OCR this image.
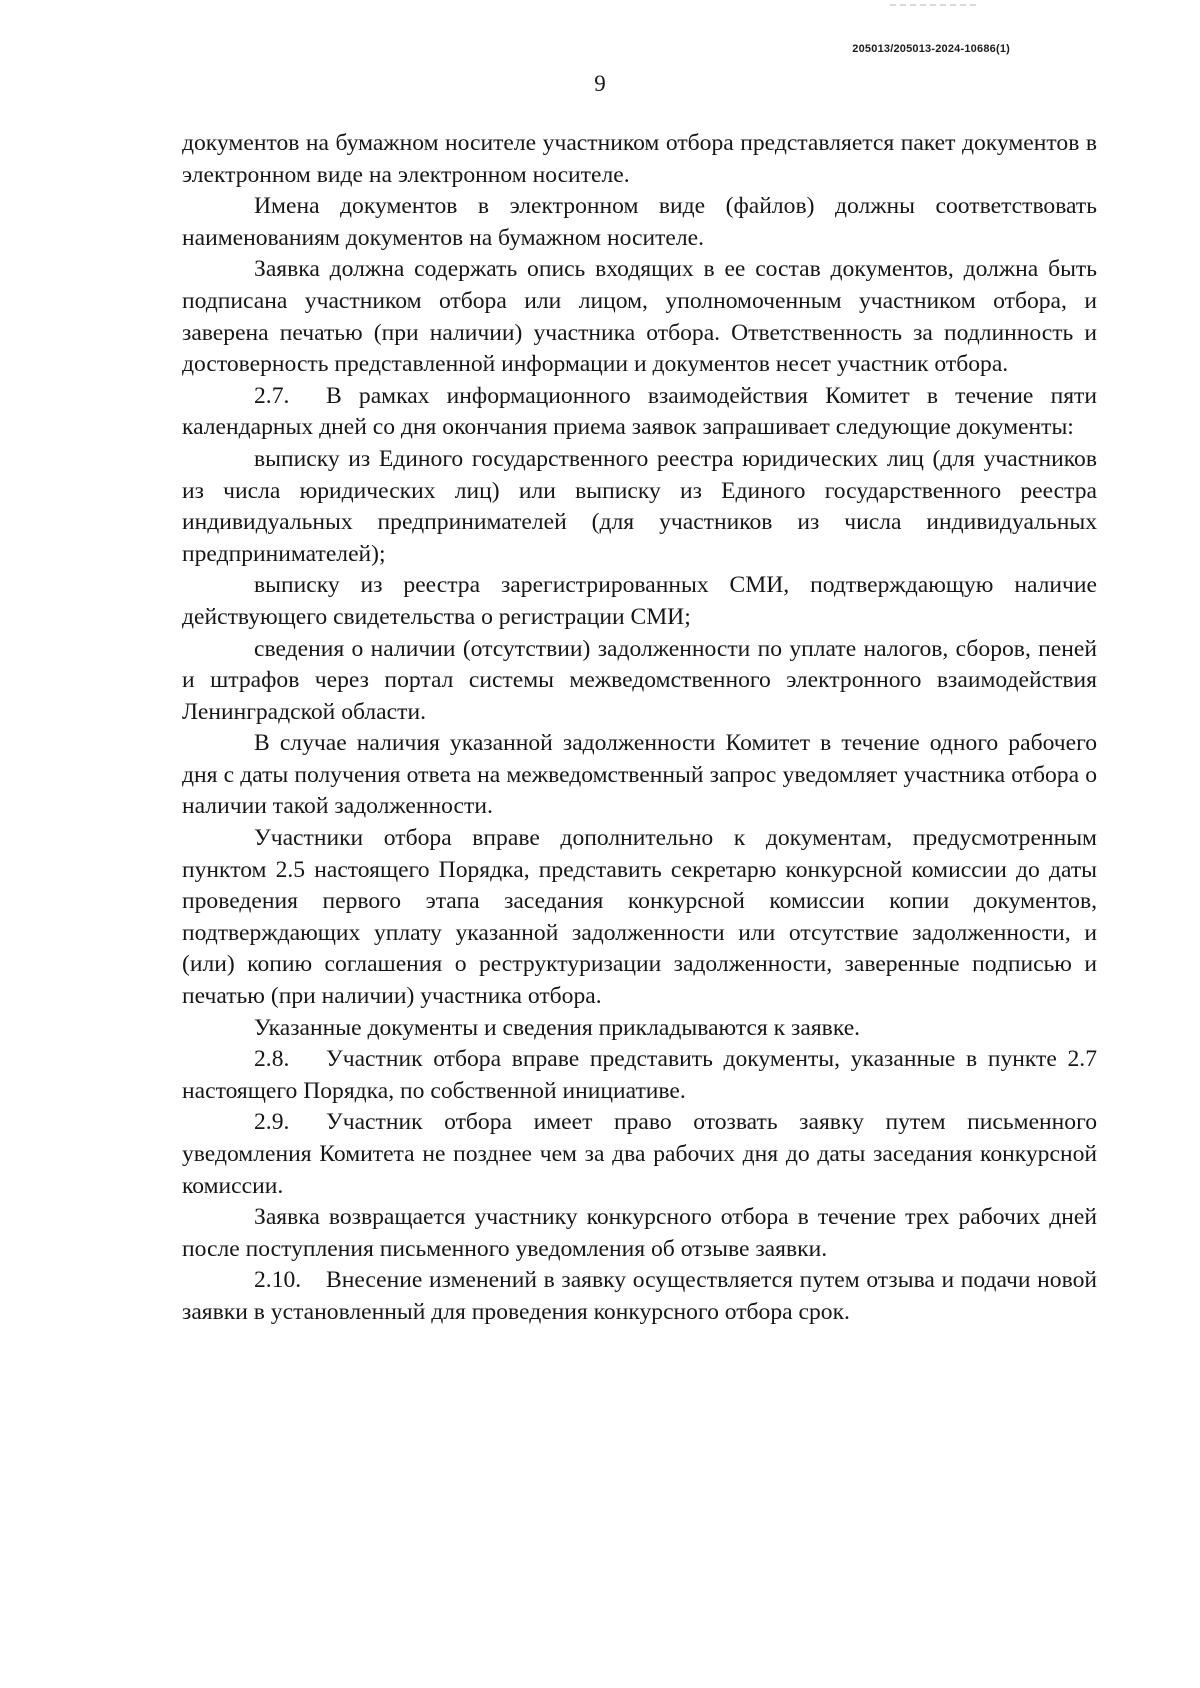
205013/205013-2024-10686(1)
9

документов на бумажном носителе участником отбора представляется пакет документов в электронном виде на электронном носителе.

Имена документов в электронном виде (файлов) должны соответствовать наименованиям документов на бумажном носителе.

Заявка должна содержать опись входящих в ее состав документов, должна быть подписана участником отбора или лицом, уполномоченным участником отбора, и заверена печатью (при наличии) участника отбора. Ответственность за подлинность и достоверность представленной информации и документов несет участник отбора.

2.7. В рамках информационного взаимодействия Комитет в течение пяти календарных дней со дня окончания приема заявок запрашивает следующие документы:

выписку из Единого государственного реестра юридических лиц (для участников из числа юридических лиц) или выписку из Единого государственного реестра индивидуальных предпринимателей (для участников из числа индивидуальных предпринимателей);

выписку из реестра зарегистрированных СМИ, подтверждающую наличие действующего свидетельства о регистрации СМИ;

сведения о наличии (отсутствии) задолженности по уплате налогов, сборов, пеней и штрафов через портал системы межведомственного электронного взаимодействия Ленинградской области.

В случае наличия указанной задолженности Комитет в течение одного рабочего дня с даты получения ответа на межведомственный запрос уведомляет участника отбора о наличии такой задолженности.

Участники отбора вправе дополнительно к документам, предусмотренным пунктом 2.5 настоящего Порядка, представить секретарю конкурсной комиссии до даты проведения первого этапа заседания конкурсной комиссии копии документов, подтверждающих уплату указанной задолженности или отсутствие задолженности, и (или) копию соглашения о реструктуризации задолженности, заверенные подписью и печатью (при наличии) участника отбора.

Указанные документы и сведения прикладываются к заявке.

2.8. Участник отбора вправе представить документы, указанные в пункте 2.7 настоящего Порядка, по собственной инициативе.

2.9. Участник отбора имеет право отозвать заявку путем письменного уведомления Комитета не позднее чем за два рабочих дня до даты заседания конкурсной комиссии.

Заявка возвращается участнику конкурсного отбора в течение трех рабочих дней после поступления письменного уведомления об отзыве заявки.

2.10. Внесение изменений в заявку осуществляется путем отзыва и подачи новой заявки в установленный для проведения конкурсного отбора срок.
